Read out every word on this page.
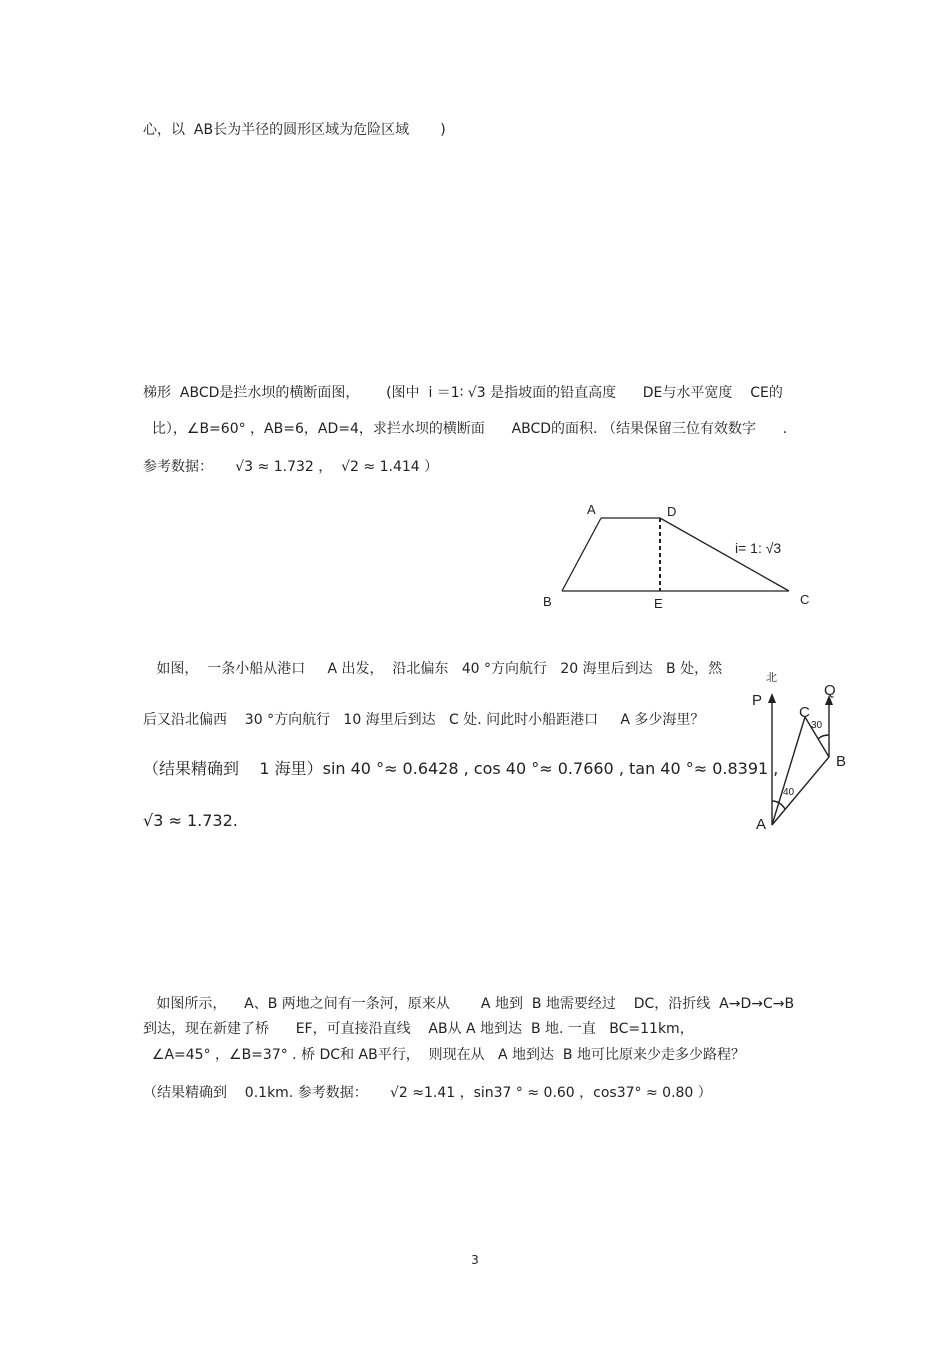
心，以  AB长为半径的圆形区域为危险区域       )
梯形  ABCD是拦水坝的横断面图，      (图中  i ＝1∶ √3 是指坡面的铅直高度      DE与水平宽度    CE的
比），∠B=60° ，AB=6，AD=4，求拦水坝的横断面      ABCD的面积. （结果保留三位有效数字      .
参考数据：     √3 ≈ 1.732 ，  √2 ≈ 1.414 ）
A	D
B	E	C
i= 1: √3
如图，  一条小船从港口     A 出发，  沿北偏东   40 °方向航行   20 海里后到达   B 处，然
后又沿北偏西    30 °方向航行   10 海里后到达   C 处. 问此时小船距港口     A 多少海里？
（结果精确到    1 海里）sin 40 °≈ 0.6428 , cos 40 °≈ 0.7660 , tan 40 °≈ 0.8391 ,
√3 ≈ 1.732.
北
P
Q
C
B
A
30
40
如图所示，    A、B 两地之间有一条河，原来从       A 地到  B 地需要经过    DC，沿折线  A→D→C→B
到达，现在新建了桥      EF，可直接沿直线    AB从 A 地到达  B 地. 一直   BC=11km，
∠A=45° ，∠B=37° . 桥 DC和 AB平行，  则现在从   A 地到达  B 地可比原来少走多少路程？
（结果精确到    0.1km. 参考数据：     √2 ≈1.41 ，sin37 ° ≈ 0.60 ，cos37° ≈ 0.80 ）
3
